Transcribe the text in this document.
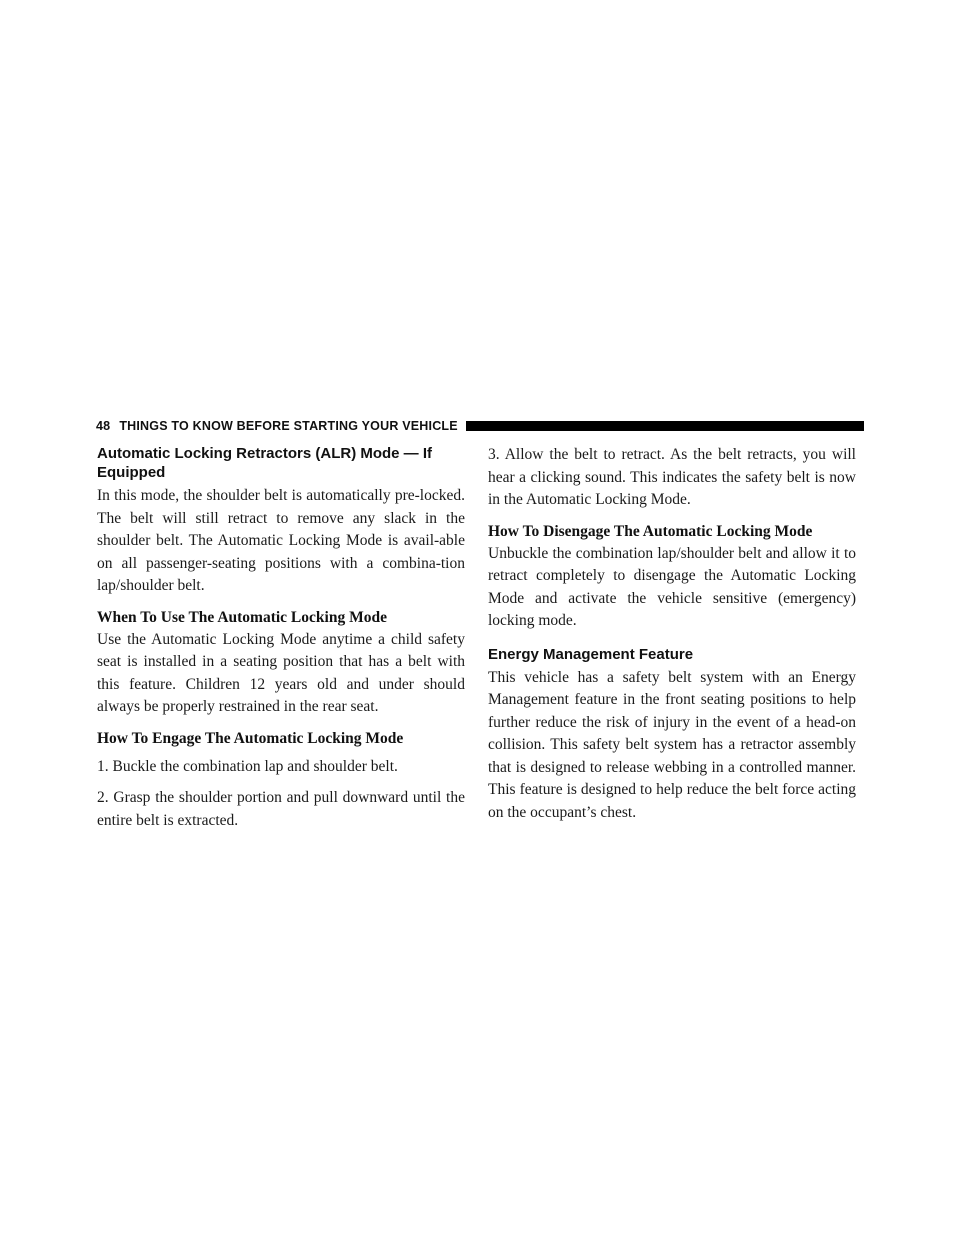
48 THINGS TO KNOW BEFORE STARTING YOUR VEHICLE
Automatic Locking Retractors (ALR) Mode — If Equipped

In this mode, the shoulder belt is automatically pre-locked. The belt will still retract to remove any slack in the shoulder belt. The Automatic Locking Mode is avail-able on all passenger-seating positions with a combina-tion lap/shoulder belt.

When To Use The Automatic Locking Mode

Use the Automatic Locking Mode anytime a child safety seat is installed in a seating position that has a belt with this feature. Children 12 years old and under should always be properly restrained in the rear seat.

How To Engage The Automatic Locking Mode

1. Buckle the combination lap and shoulder belt.

2. Grasp the shoulder portion and pull downward until the entire belt is extracted.

3. Allow the belt to retract. As the belt retracts, you will hear a clicking sound. This indicates the safety belt is now in the Automatic Locking Mode.

How To Disengage The Automatic Locking Mode

Unbuckle the combination lap/shoulder belt and allow it to retract completely to disengage the Automatic Locking Mode and activate the vehicle sensitive (emergency) locking mode.

Energy Management Feature

This vehicle has a safety belt system with an Energy Management feature in the front seating positions to help further reduce the risk of injury in the event of a head-on collision. This safety belt system has a retractor assembly that is designed to release webbing in a controlled manner. This feature is designed to help reduce the belt force acting on the occupant’s chest.
